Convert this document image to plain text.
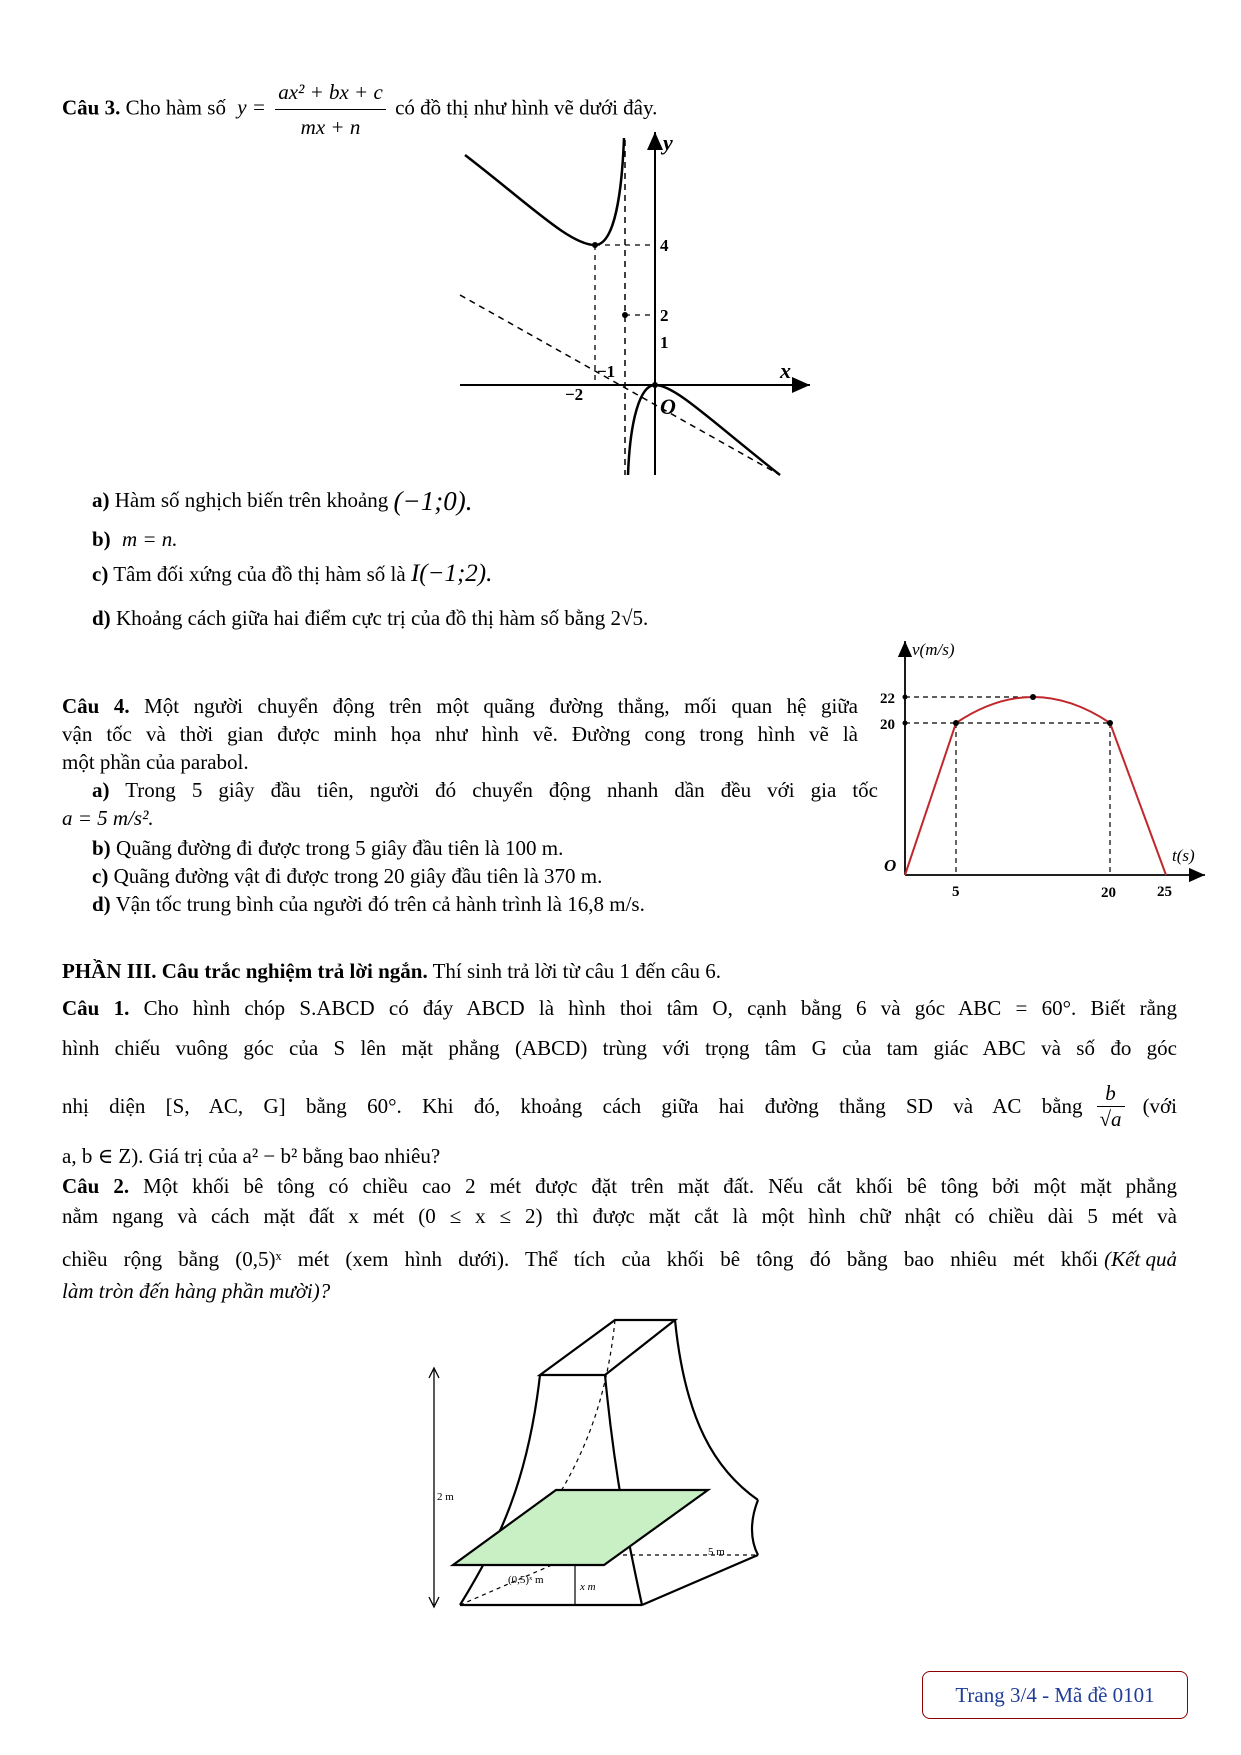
Câu 3. Cho hàm số $y = \frac{\text{ax² + bx + c}}{mx + n}$ có đồ thị như hình vẽ dưới đây.
y
x
O
4
2
1
−1
−2
a) Hàm số nghịch biến trên khoảng (−1;0).
b) m = n.
c) Tâm đối xứng của đồ thị hàm số là I(−1;2).
d) Khoảng cách giữa hai điểm cực trị của đồ thị hàm số bằng 2√5.
Câu 4. Một người chuyển động trên một quãng đường thẳng, mối quan hệ giữa
vận tốc và thời gian được minh họa như hình vẽ. Đường cong trong hình vẽ là
một phần của parabol.
a) Trong 5 giây đầu tiên, người đó chuyển động nhanh dần đều với gia tốc
a = 5 m/s².
b) Quãng đường đi được trong 5 giây đầu tiên là 100 m.
c) Quãng đường vật đi được trong 20 giây đầu tiên là 370 m.
d) Vận tốc trung bình của người đó trên cả hành trình là 16,8 m/s.
v(m/s)
t(s)
O
22
20
5	20	25
PHẦN III. Câu trắc nghiệm trả lời ngắn. Thí sinh trả lời từ câu 1 đến câu 6.
Câu 1. Cho hình chóp S.ABCD có đáy ABCD là hình thoi tâm O, cạnh bằng 6 và góc ABC = 60°. Biết rằng
hình chiếu vuông góc của S lên mặt phẳng (ABCD) trùng với trọng tâm G của tam giác ABC và số đo góc
nhị diện [S, AC, G] bằng 60°. Khi đó, khoảng cách giữa hai đường thẳng SD và AC bằng $\frac{b}{√a}$ (với
a, b ∈ Z). Giá trị của a² − b² bằng bao nhiêu?
Câu 2. Một khối bê tông có chiều cao 2 mét được đặt trên mặt đất. Nếu cắt khối bê tông bởi một mặt phẳng
nằm ngang và cách mặt đất x mét (0 ≤ x ≤ 2) thì được mặt cắt là một hình chữ nhật có chiều dài 5 mét và
chiều rộng bằng (0,5)ˣ mét (xem hình dưới). Thể tích của khối bê tông đó bằng bao nhiêu mét khối (Kết quả
làm tròn đến hàng phần mười)?
2 m
5 m
(0,5)ˣ m
x m
Trang 3/4 - Mã đề 0101
